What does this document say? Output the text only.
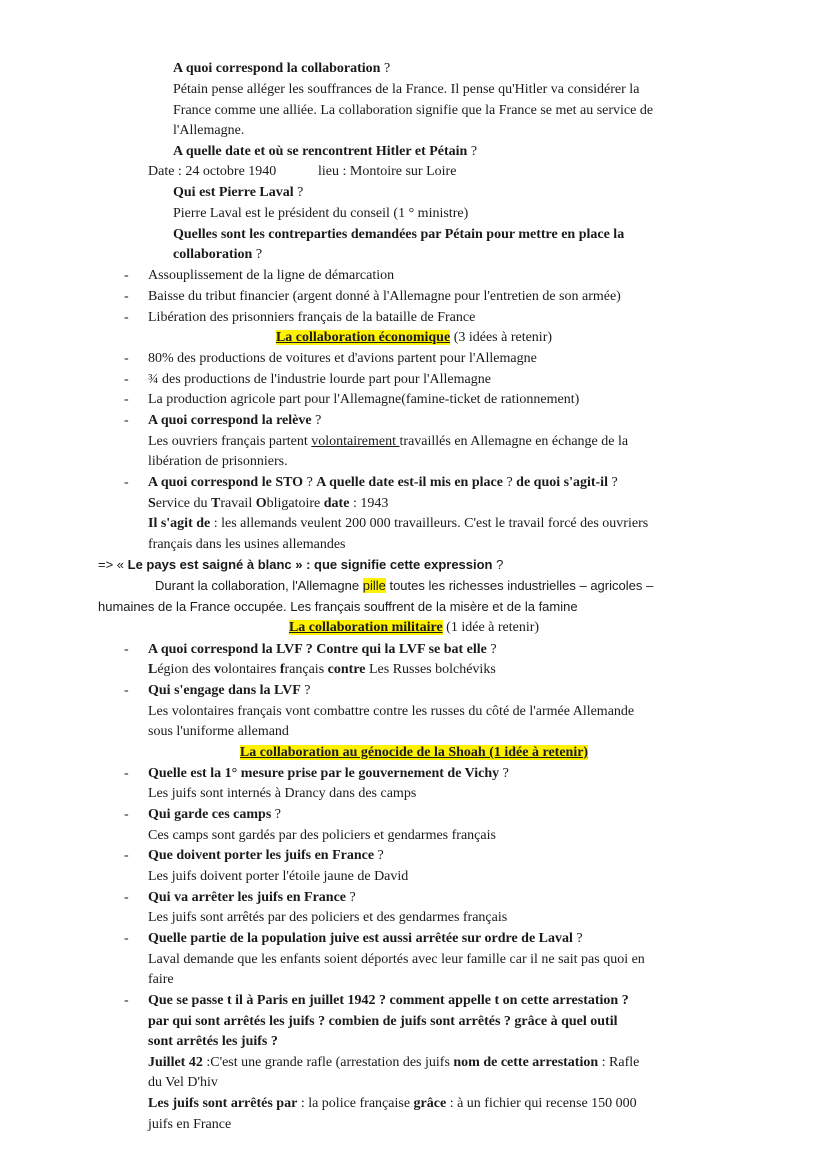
A quoi correspond la collaboration ?
Pétain pense alléger les souffrances de la France. Il pense qu'Hitler va considérer la
France comme une alliée. La collaboration signifie que la France se met au service de
l'Allemagne.
A quelle date et où se rencontrent Hitler et Pétain ?
Date : 24 octobre 1940	lieu : Montoire sur Loire
Qui est Pierre Laval ?
Pierre Laval est le président du conseil (1 ° ministre)
Quelles sont les contreparties demandées par Pétain pour mettre en place la
collaboration ?
-	Assouplissement de la ligne de démarcation
-	Baisse du tribut financier (argent donné à l'Allemagne pour l'entretien de son armée)
-	Libération des prisonniers français de la bataille de France
La collaboration économique (3 idées à retenir)
-	80% des productions de voitures et d'avions partent pour l'Allemagne
-	¾ des productions de l'industrie lourde part pour l'Allemagne
-	La production agricole part pour l'Allemagne(famine-ticket de rationnement)
-	A quoi correspond la relève ?
Les ouvriers français partent volontairement travaillés en Allemagne en échange de la
libération de prisonniers.
-	A quoi correspond le STO ? A quelle date est-il mis en place ? de quoi s'agit-il ?
Service du Travail Obligatoire date : 1943
Il s'agit de : les allemands veulent 200 000 travailleurs. C'est le travail forcé des ouvriers
français dans les usines allemandes
=> « Le pays est saigné à blanc » : que signifie cette expression ?
Durant la collaboration, l'Allemagne pille toutes les richesses industrielles – agricoles –
humaines de la France occupée. Les français souffrent de la misère et de la famine
La collaboration militaire (1 idée à retenir)
-	A quoi correspond la LVF ? Contre qui la LVF se bat elle ?
Légion des volontaires français contre Les Russes bolchéviks
-	Qui s'engage dans la LVF ?
Les volontaires français vont combattre contre les russes du côté de l'armée Allemande
sous l'uniforme allemand
La collaboration au génocide de la Shoah (1 idée à retenir)
-	Quelle est la 1° mesure prise par le gouvernement de Vichy ?
Les juifs sont internés à Drancy dans des camps
-	Qui garde ces camps ?
Ces camps sont gardés par des policiers et gendarmes français
-	Que doivent porter les juifs en France ?
Les juifs doivent porter l'étoile jaune de David
-	Qui va arrêter les juifs en France ?
Les juifs sont arrêtés par des policiers et des gendarmes français
-	Quelle partie de la population juive est aussi arrêtée sur ordre de Laval ?
Laval demande que les enfants soient déportés avec leur famille car il ne sait pas quoi en
faire
-	Que se passe t il à Paris en juillet 1942 ? comment appelle t on cette arrestation ?
par qui sont arrêtés les juifs ? combien de juifs sont arrêtés ? grâce à quel outil
sont arrêtés les juifs ?
Juillet 42 :C'est une grande rafle (arrestation des juifs nom de cette arrestation : Rafle
du Vel D'hiv
Les juifs sont arrêtés par : la police française grâce : à un fichier qui recense 150 000
juifs en France
